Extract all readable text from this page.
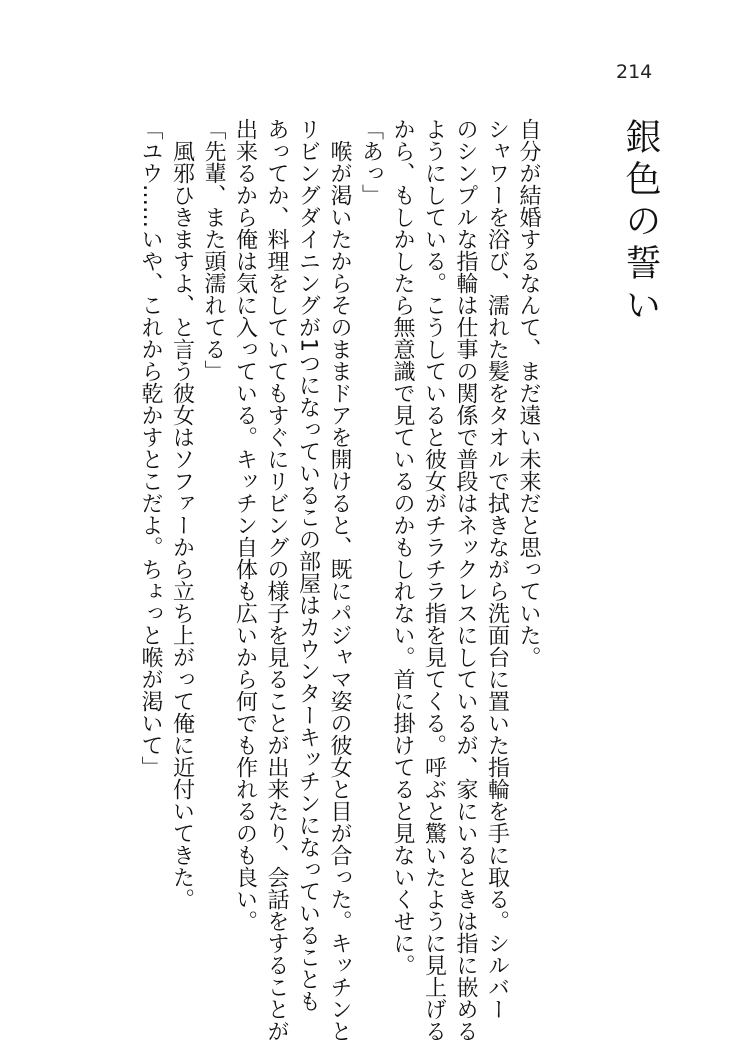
214
銀色の誓い
自分が結婚するなんて、まだ遠い未来だと思っていた。
シャワーを浴び、濡れた髪をタオルで拭きながら洗面台に置いた指輪を手に取る。シルバー
のシンプルな指輪は仕事の関係で普段はネックレスにしているが、家にいるときは指に嵌める
ようにしている。こうしていると彼女がチラチラ指を見てくる。呼ぶと驚いたように見上げる
から、もしかしたら無意識で見ているのかもしれない。首に掛けてると見ないくせに。
「あっ」
　喉が渇いたからそのままドアを開けると、既にパジャマ姿の彼女と目が合った。キッチンと
リビングダイニングが1つになっているこの部屋はカウンターキッチンになっていることも
あってか、料理をしていてもすぐにリビングの様子を見ることが出来たり、会話をすることが
出来るから俺は気に入っている。キッチン自体も広いから何でも作れるのも良い。
「先輩、また頭濡れてる」
　風邪ひきますよ、と言う彼女はソファーから立ち上がって俺に近付いてきた。
「ユウ……いや、これから乾かすとこだよ。ちょっと喉が渇いて」
